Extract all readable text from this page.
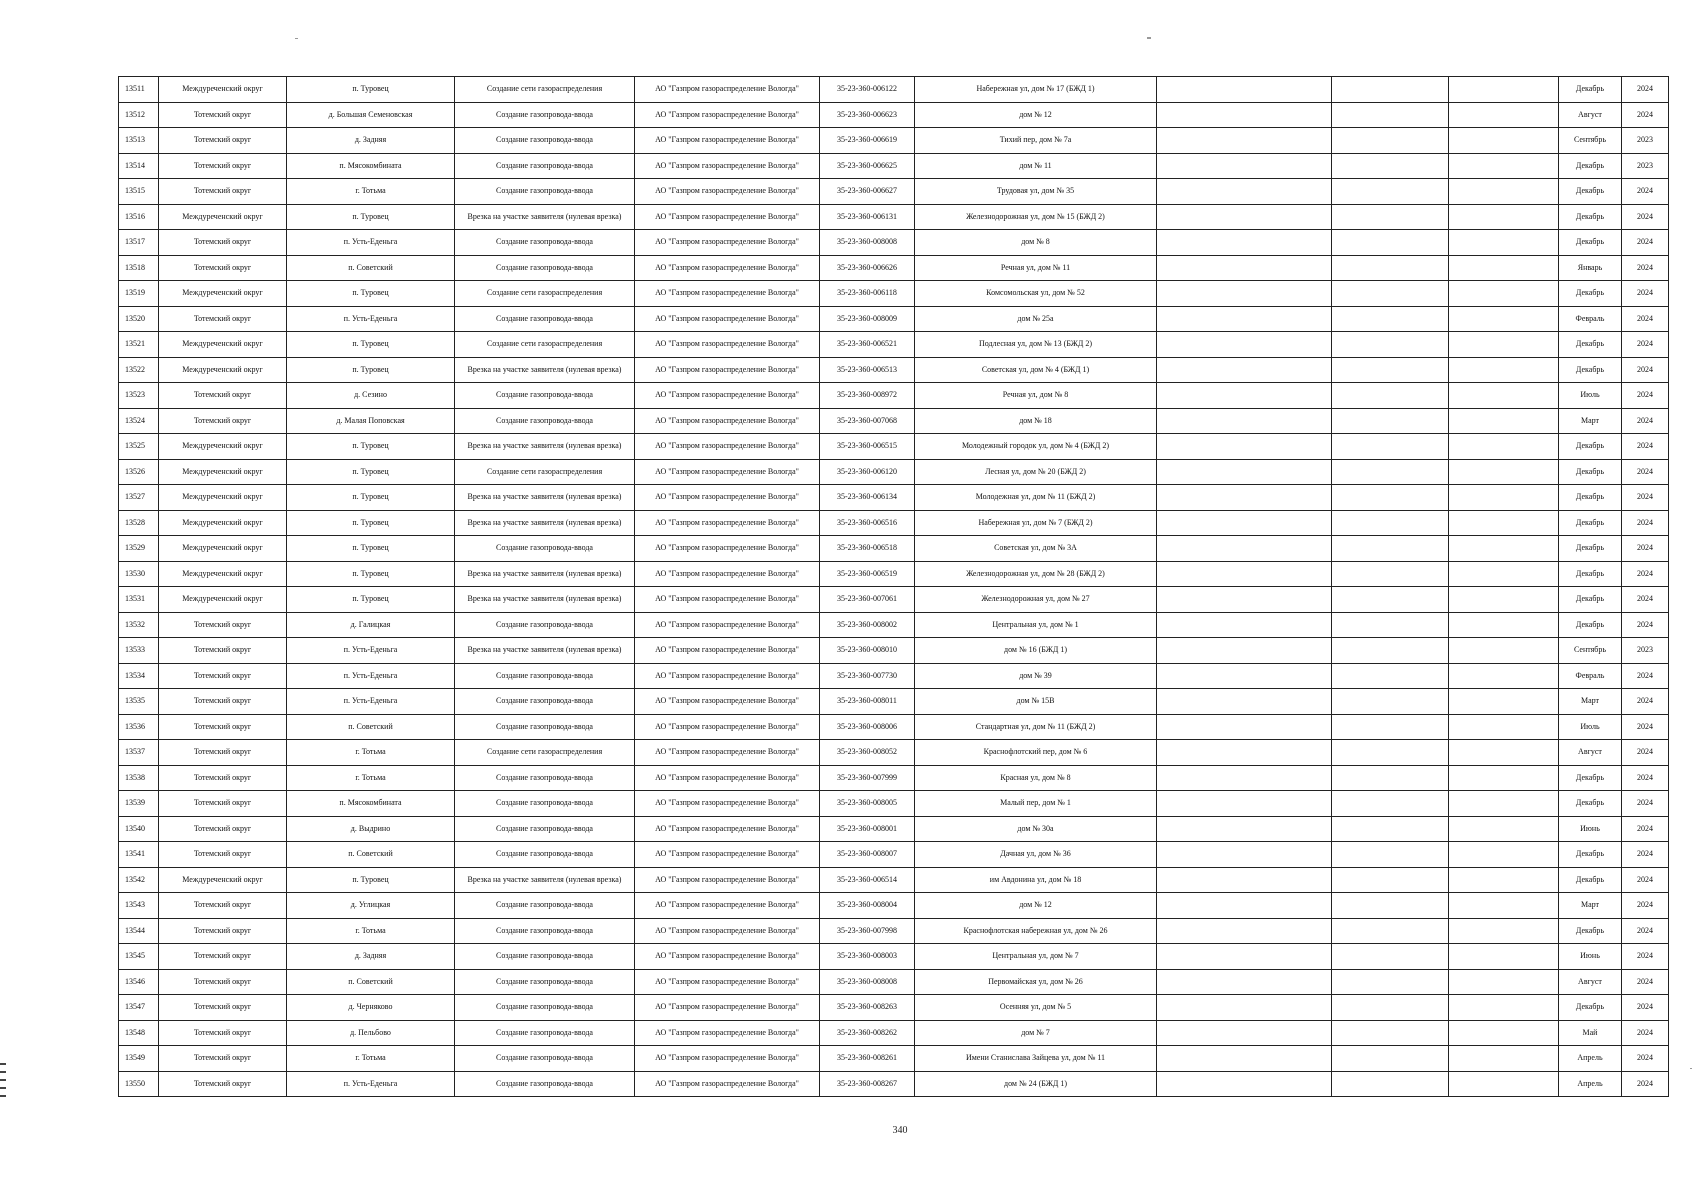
13511	Междуреченский округ	п. Туровец	Создание сети газораспределения	АО "Газпром газораспределение Вологда"	35-23-360-006122	Набережная ул, дом № 17 (БЖД 1)				Декабрь	2024
13512	Тотемский округ	д. Большая Семеновская	Создание газопровода-ввода	АО "Газпром газораспределение Вологда"	35-23-360-006623	дом № 12				Август	2024
13513	Тотемский округ	д. Задняя	Создание газопровода-ввода	АО "Газпром газораспределение Вологда"	35-23-360-006619	Тихий пер, дом № 7а				Сентябрь	2023
13514	Тотемский округ	п. Мясокомбината	Создание газопровода-ввода	АО "Газпром газораспределение Вологда"	35-23-360-006625	дом № 11				Декабрь	2023
13515	Тотемский округ	г. Тотьма	Создание газопровода-ввода	АО "Газпром газораспределение Вологда"	35-23-360-006627	Трудовая ул, дом № 35				Декабрь	2024
13516	Междуреченский округ	п. Туровец	Врезка на участке заявителя (нулевая врезка)	АО "Газпром газораспределение Вологда"	35-23-360-006131	Железнодорожная ул, дом № 15 (БЖД 2)				Декабрь	2024
13517	Тотемский округ	п. Усть-Еденьга	Создание газопровода-ввода	АО "Газпром газораспределение Вологда"	35-23-360-008008	дом № 8				Декабрь	2024
13518	Тотемский округ	п. Советский	Создание газопровода-ввода	АО "Газпром газораспределение Вологда"	35-23-360-006626	Речная ул, дом № 11				Январь	2024
13519	Междуреченский округ	п. Туровец	Создание сети газораспределения	АО "Газпром газораспределение Вологда"	35-23-360-006118	Комсомольская ул, дом № 52				Декабрь	2024
13520	Тотемский округ	п. Усть-Еденьга	Создание газопровода-ввода	АО "Газпром газораспределение Вологда"	35-23-360-008009	дом № 25а				Февраль	2024
13521	Междуреченский округ	п. Туровец	Создание сети газораспределения	АО "Газпром газораспределение Вологда"	35-23-360-006521	Подлесная ул, дом № 13 (БЖД 2)				Декабрь	2024
13522	Междуреченский округ	п. Туровец	Врезка на участке заявителя (нулевая врезка)	АО "Газпром газораспределение Вологда"	35-23-360-006513	Советская ул, дом № 4 (БЖД 1)				Декабрь	2024
13523	Тотемский округ	д. Сезино	Создание газопровода-ввода	АО "Газпром газораспределение Вологда"	35-23-360-008972	Речная ул, дом № 8				Июль	2024
13524	Тотемский округ	д. Малая Поповская	Создание газопровода-ввода	АО "Газпром газораспределение Вологда"	35-23-360-007068	дом № 18				Март	2024
13525	Междуреченский округ	п. Туровец	Врезка на участке заявителя (нулевая врезка)	АО "Газпром газораспределение Вологда"	35-23-360-006515	Молодежный городок ул, дом № 4 (БЖД 2)				Декабрь	2024
13526	Междуреченский округ	п. Туровец	Создание сети газораспределения	АО "Газпром газораспределение Вологда"	35-23-360-006120	Лесная ул, дом № 20 (БЖД 2)				Декабрь	2024
13527	Междуреченский округ	п. Туровец	Врезка на участке заявителя (нулевая врезка)	АО "Газпром газораспределение Вологда"	35-23-360-006134	Молодежная ул, дом № 11 (БЖД 2)				Декабрь	2024
13528	Междуреченский округ	п. Туровец	Врезка на участке заявителя (нулевая врезка)	АО "Газпром газораспределение Вологда"	35-23-360-006516	Набережная ул, дом № 7 (БЖД 2)				Декабрь	2024
13529	Междуреченский округ	п. Туровец	Создание газопровода-ввода	АО "Газпром газораспределение Вологда"	35-23-360-006518	Советская ул, дом № 3А				Декабрь	2024
13530	Междуреченский округ	п. Туровец	Врезка на участке заявителя (нулевая врезка)	АО "Газпром газораспределение Вологда"	35-23-360-006519	Железнодорожная ул, дом № 28 (БЖД 2)				Декабрь	2024
13531	Междуреченский округ	п. Туровец	Врезка на участке заявителя (нулевая врезка)	АО "Газпром газораспределение Вологда"	35-23-360-007061	Железнодорожная ул, дом № 27				Декабрь	2024
13532	Тотемский округ	д. Галицкая	Создание газопровода-ввода	АО "Газпром газораспределение Вологда"	35-23-360-008002	Центральная ул, дом № 1				Декабрь	2024
13533	Тотемский округ	п. Усть-Еденьга	Врезка на участке заявителя (нулевая врезка)	АО "Газпром газораспределение Вологда"	35-23-360-008010	дом № 16 (БЖД 1)				Сентябрь	2023
13534	Тотемский округ	п. Усть-Еденьга	Создание газопровода-ввода	АО "Газпром газораспределение Вологда"	35-23-360-007730	дом № 39				Февраль	2024
13535	Тотемский округ	п. Усть-Еденьга	Создание газопровода-ввода	АО "Газпром газораспределение Вологда"	35-23-360-008011	дом № 15В				Март	2024
13536	Тотемский округ	п. Советский	Создание газопровода-ввода	АО "Газпром газораспределение Вологда"	35-23-360-008006	Стандартная ул, дом № 11 (БЖД 2)				Июль	2024
13537	Тотемский округ	г. Тотьма	Создание сети газораспределения	АО "Газпром газораспределение Вологда"	35-23-360-008052	Краснофлотский пер, дом № 6				Август	2024
13538	Тотемский округ	г. Тотьма	Создание газопровода-ввода	АО "Газпром газораспределение Вологда"	35-23-360-007999	Красная ул, дом № 8				Декабрь	2024
13539	Тотемский округ	п. Мясокомбината	Создание газопровода-ввода	АО "Газпром газораспределение Вологда"	35-23-360-008005	Малый пер, дом № 1				Декабрь	2024
13540	Тотемский округ	д. Выдрино	Создание газопровода-ввода	АО "Газпром газораспределение Вологда"	35-23-360-008001	дом № 30а				Июнь	2024
13541	Тотемский округ	п. Советский	Создание газопровода-ввода	АО "Газпром газораспределение Вологда"	35-23-360-008007	Дачная ул, дом № 36				Декабрь	2024
13542	Междуреченский округ	п. Туровец	Врезка на участке заявителя (нулевая врезка)	АО "Газпром газораспределение Вологда"	35-23-360-006514	им Авдонина ул, дом № 18				Декабрь	2024
13543	Тотемский округ	д. Углицкая	Создание газопровода-ввода	АО "Газпром газораспределение Вологда"	35-23-360-008004	дом № 12				Март	2024
13544	Тотемский округ	г. Тотьма	Создание газопровода-ввода	АО "Газпром газораспределение Вологда"	35-23-360-007998	Краснофлотская набережная ул, дом № 26				Декабрь	2024
13545	Тотемский округ	д. Задняя	Создание газопровода-ввода	АО "Газпром газораспределение Вологда"	35-23-360-008003	Центральная ул, дом № 7				Июнь	2024
13546	Тотемский округ	п. Советский	Создание газопровода-ввода	АО "Газпром газораспределение Вологда"	35-23-360-008008	Первомайская ул, дом № 26				Август	2024
13547	Тотемский округ	д. Черняково	Создание газопровода-ввода	АО "Газпром газораспределение Вологда"	35-23-360-008263	Осенняя ул, дом № 5				Декабрь	2024
13548	Тотемский округ	д. Пельбово	Создание газопровода-ввода	АО "Газпром газораспределение Вологда"	35-23-360-008262	дом № 7				Май	2024
13549	Тотемский округ	г. Тотьма	Создание газопровода-ввода	АО "Газпром газораспределение Вологда"	35-23-360-008261	Имени Станислава Зайцева ул, дом № 11				Апрель	2024
13550	Тотемский округ	п. Усть-Еденьга	Создание газопровода-ввода	АО "Газпром газораспределение Вологда"	35-23-360-008267	дом № 24 (БЖД 1)				Апрель	2024
340
